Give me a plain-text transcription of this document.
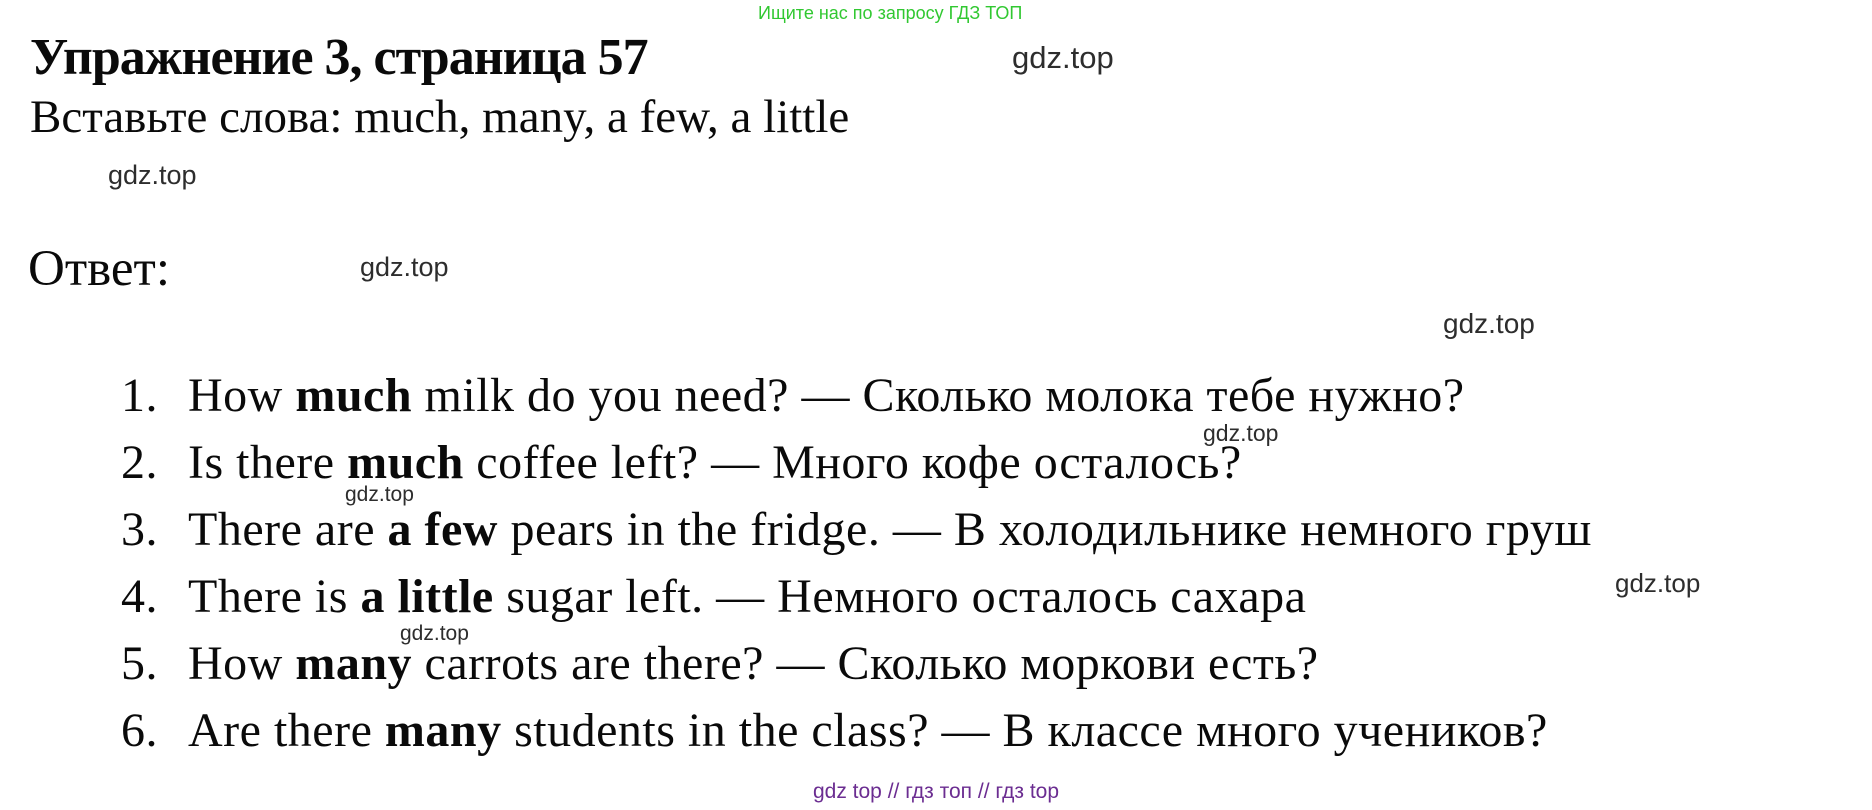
Ищите нас по запросу ГДЗ ТОП
gdz.top
Упражнение 3, страница 57
Вставьте слова: much, many, a few, a little
gdz.top
Ответ:	gdz.top
gdz.top
gdz.top
gdz.top
gdz.top
gdz.top
1. How much milk do you need? — Сколько молока тебе нужно?
2. Is there much coffee left? — Много кофе осталось?
3. There are a few pears in the fridge. — В холодильнике немного груш
4. There is a little sugar left. — Немного осталось сахара
5. How many carrots are there? — Сколько моркови есть?
6. Are there many students in the class? — В классе много учеников?
gdz top // гдз топ // гдз top
